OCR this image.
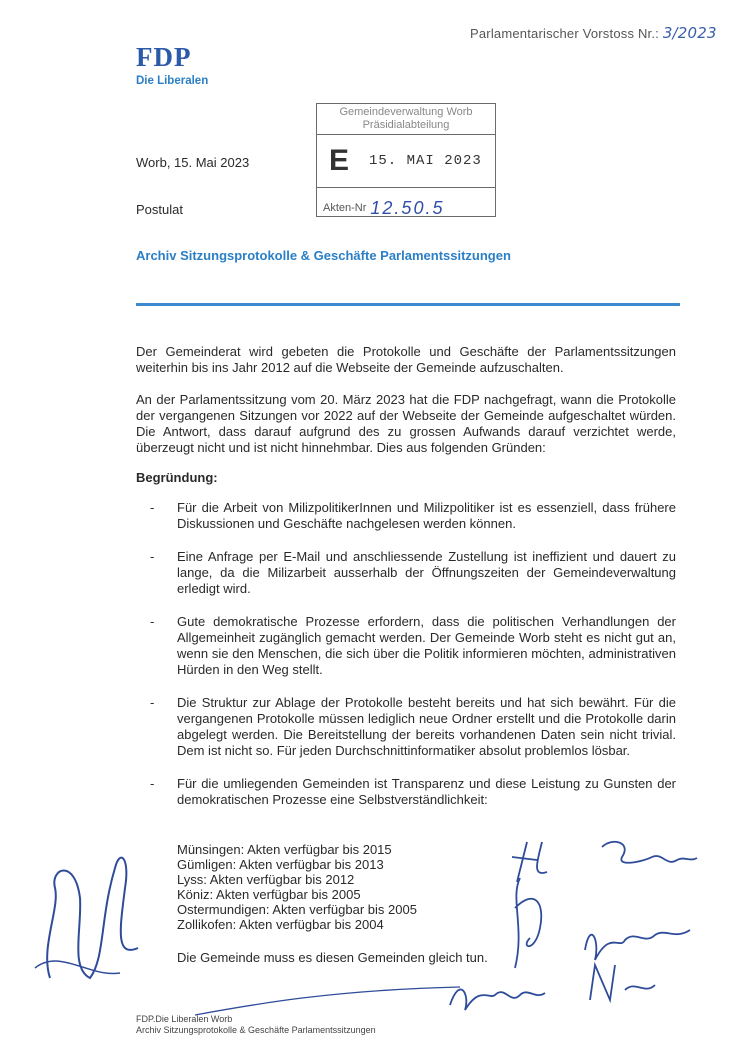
Parlamentarischer Vorstoss Nr.: 3/2023
FDP
Die Liberalen
Worb, 15. Mai 2023
Postulat
Gemeindeverwaltung Worb
Präsidialabteilung
E	15. MAI 2023
Akten-Nr 12.50.5
Archiv Sitzungsprotokolle & Geschäfte Parlamentssitzungen
Der Gemeinderat wird gebeten die Protokolle und Geschäfte der Parlamentssitzungen weiterhin bis ins Jahr 2012 auf die Webseite der Gemeinde aufzuschalten.
An der Parlamentssitzung vom 20. März 2023 hat die FDP nachgefragt, wann die Protokolle der vergangenen Sitzungen vor 2022 auf der Webseite der Gemeinde aufgeschaltet würden. Die Antwort, dass darauf aufgrund des zu grossen Aufwands darauf verzichtet werde, überzeugt nicht und ist nicht hinnehmbar. Dies aus folgenden Gründen:
Begründung:
- Für die Arbeit von MilizpolitikerInnen und Milizpolitiker ist es essenziell, dass frühere Diskussionen und Geschäfte nachgelesen werden können.
- Eine Anfrage per E-Mail und anschliessende Zustellung ist ineffizient und dauert zu lange, da die Milizarbeit ausserhalb der Öffnungszeiten der Gemeindeverwaltung erledigt wird.
- Gute demokratische Prozesse erfordern, dass die politischen Verhandlungen der Allgemeinheit zugänglich gemacht werden. Der Gemeinde Worb steht es nicht gut an, wenn sie den Menschen, die sich über die Politik informieren möchten, administrativen Hürden in den Weg stellt.
- Die Struktur zur Ablage der Protokolle besteht bereits und hat sich bewährt. Für die vergangenen Protokolle müssen lediglich neue Ordner erstellt und die Protokolle darin abgelegt werden. Die Bereitstellung der bereits vorhandenen Daten sein nicht trivial. Dem ist nicht so. Für jeden Durchschnittinformatiker absolut problemlos lösbar.
- Für die umliegenden Gemeinden ist Transparenz und diese Leistung zu Gunsten der demokratischen Prozesse eine Selbstverständlichkeit:
Münsingen: Akten verfügbar bis 2015
Gümligen: Akten verfügbar bis 2013
Lyss: Akten verfügbar bis 2012
Köniz: Akten verfügbar bis 2005
Ostermundigen: Akten verfügbar bis 2005
Zollikofen: Akten verfügbar bis 2004
Die Gemeinde muss es diesen Gemeinden gleich tun.
FDP.Die Liberalen Worb
Archiv Sitzungsprotokolle & Geschäfte Parlamentssitzungen
